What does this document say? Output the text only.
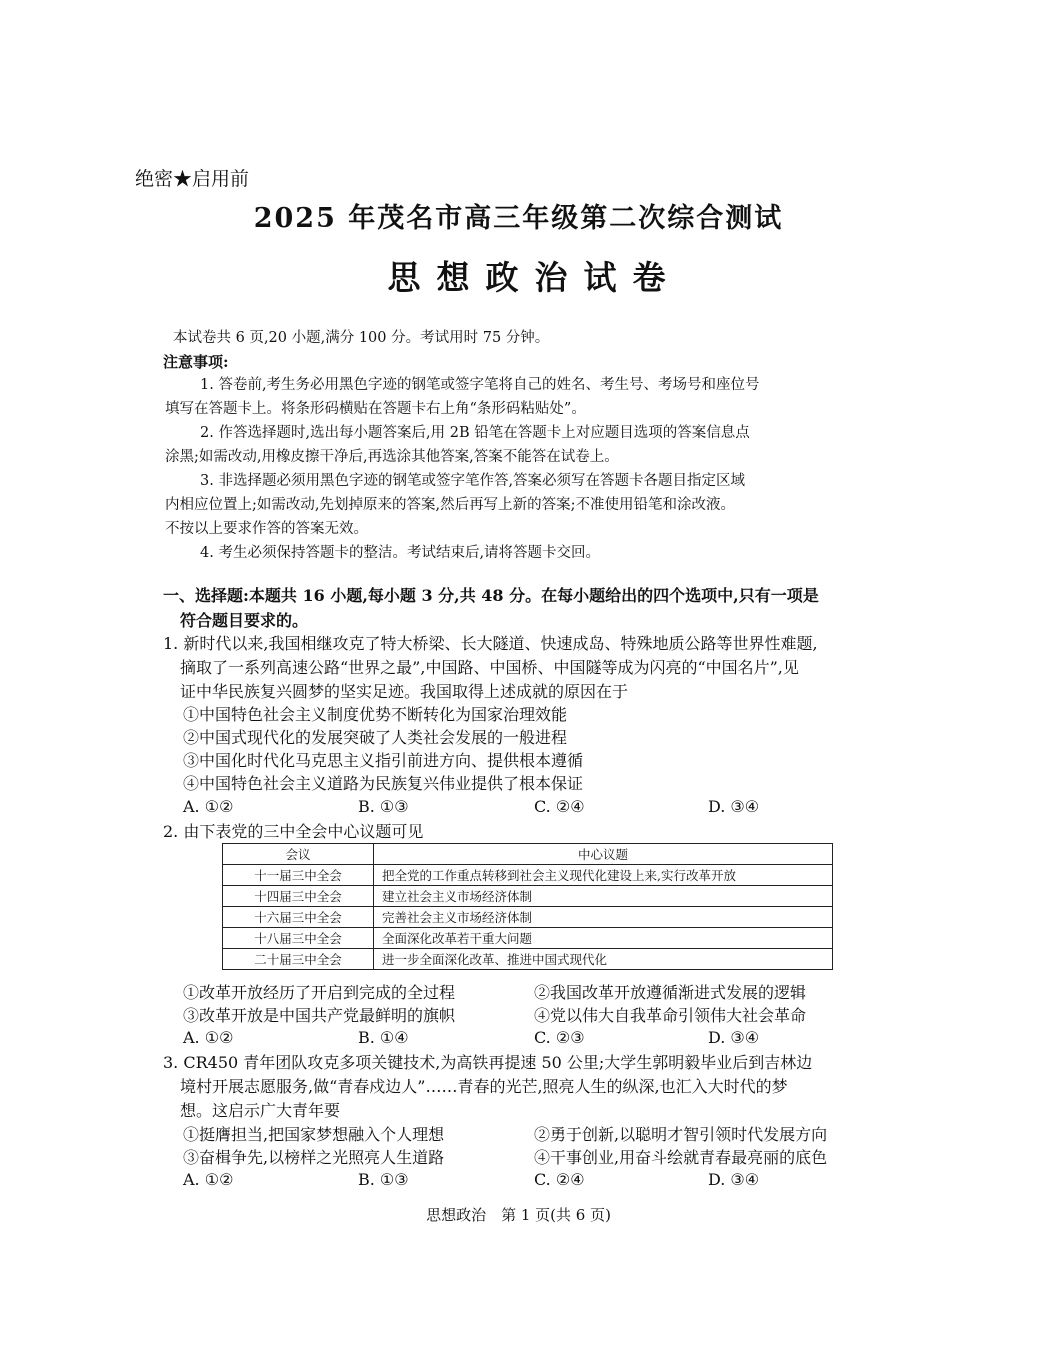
绝密★启用前
2025 年茂名市高三年级第二次综合测试
思想政治试卷
本试卷共 6 页,20 小题,满分 100 分。考试用时 75 分钟。
注意事项:
1. 答卷前,考生务必用黑色字迹的钢笔或签字笔将自己的姓名、考生号、考场号和座位号
填写在答题卡上。将条形码横贴在答题卡右上角“条形码粘贴处”。
2. 作答选择题时,选出每小题答案后,用 2B 铅笔在答题卡上对应题目选项的答案信息点
涂黑;如需改动,用橡皮擦干净后,再选涂其他答案,答案不能答在试卷上。
3. 非选择题必须用黑色字迹的钢笔或签字笔作答,答案必须写在答题卡各题目指定区域
内相应位置上;如需改动,先划掉原来的答案,然后再写上新的答案;不准使用铅笔和涂改液。
不按以上要求作答的答案无效。
4. 考生必须保持答题卡的整洁。考试结束后,请将答题卡交回。
一、选择题:本题共 16 小题,每小题 3 分,共 48 分。在每小题给出的四个选项中,只有一项是
符合题目要求的。
1. 新时代以来,我国相继攻克了特大桥梁、长大隧道、快速成岛、特殊地质公路等世界性难题,
摘取了一系列高速公路“世界之最”,中国路、中国桥、中国隧等成为闪亮的“中国名片”,见
证中华民族复兴圆梦的坚实足迹。我国取得上述成就的原因在于
①中国特色社会主义制度优势不断转化为国家治理效能
②中国式现代化的发展突破了人类社会发展的一般进程
③中国化时代化马克思主义指引前进方向、提供根本遵循
④中国特色社会主义道路为民族复兴伟业提供了根本保证
A. ①②	B. ①③	C. ②④	D. ③④
2. 由下表党的三中全会中心议题可见
会议	中心议题
十一届三中全会	把全党的工作重点转移到社会主义现代化建设上来,实行改革开放
十四届三中全会	建立社会主义市场经济体制
十六届三中全会	完善社会主义市场经济体制
十八届三中全会	全面深化改革若干重大问题
二十届三中全会	进一步全面深化改革、推进中国式现代化
①改革开放经历了开启到完成的全过程	②我国改革开放遵循渐进式发展的逻辑
③改革开放是中国共产党最鲜明的旗帜	④党以伟大自我革命引领伟大社会革命
A. ①②	B. ①④	C. ②③	D. ③④
3. CR450 青年团队攻克多项关键技术,为高铁再提速 50 公里;大学生郭明毅毕业后到吉林边
境村开展志愿服务,做“青春戍边人”……青春的光芒,照亮人生的纵深,也汇入大时代的梦
想。这启示广大青年要
①挺膺担当,把国家梦想融入个人理想	②勇于创新,以聪明才智引领时代发展方向
③奋楫争先,以榜样之光照亮人生道路	④干事创业,用奋斗绘就青春最亮丽的底色
A. ①②	B. ①③	C. ②④	D. ③④
思想政治　第 1 页(共 6 页)
